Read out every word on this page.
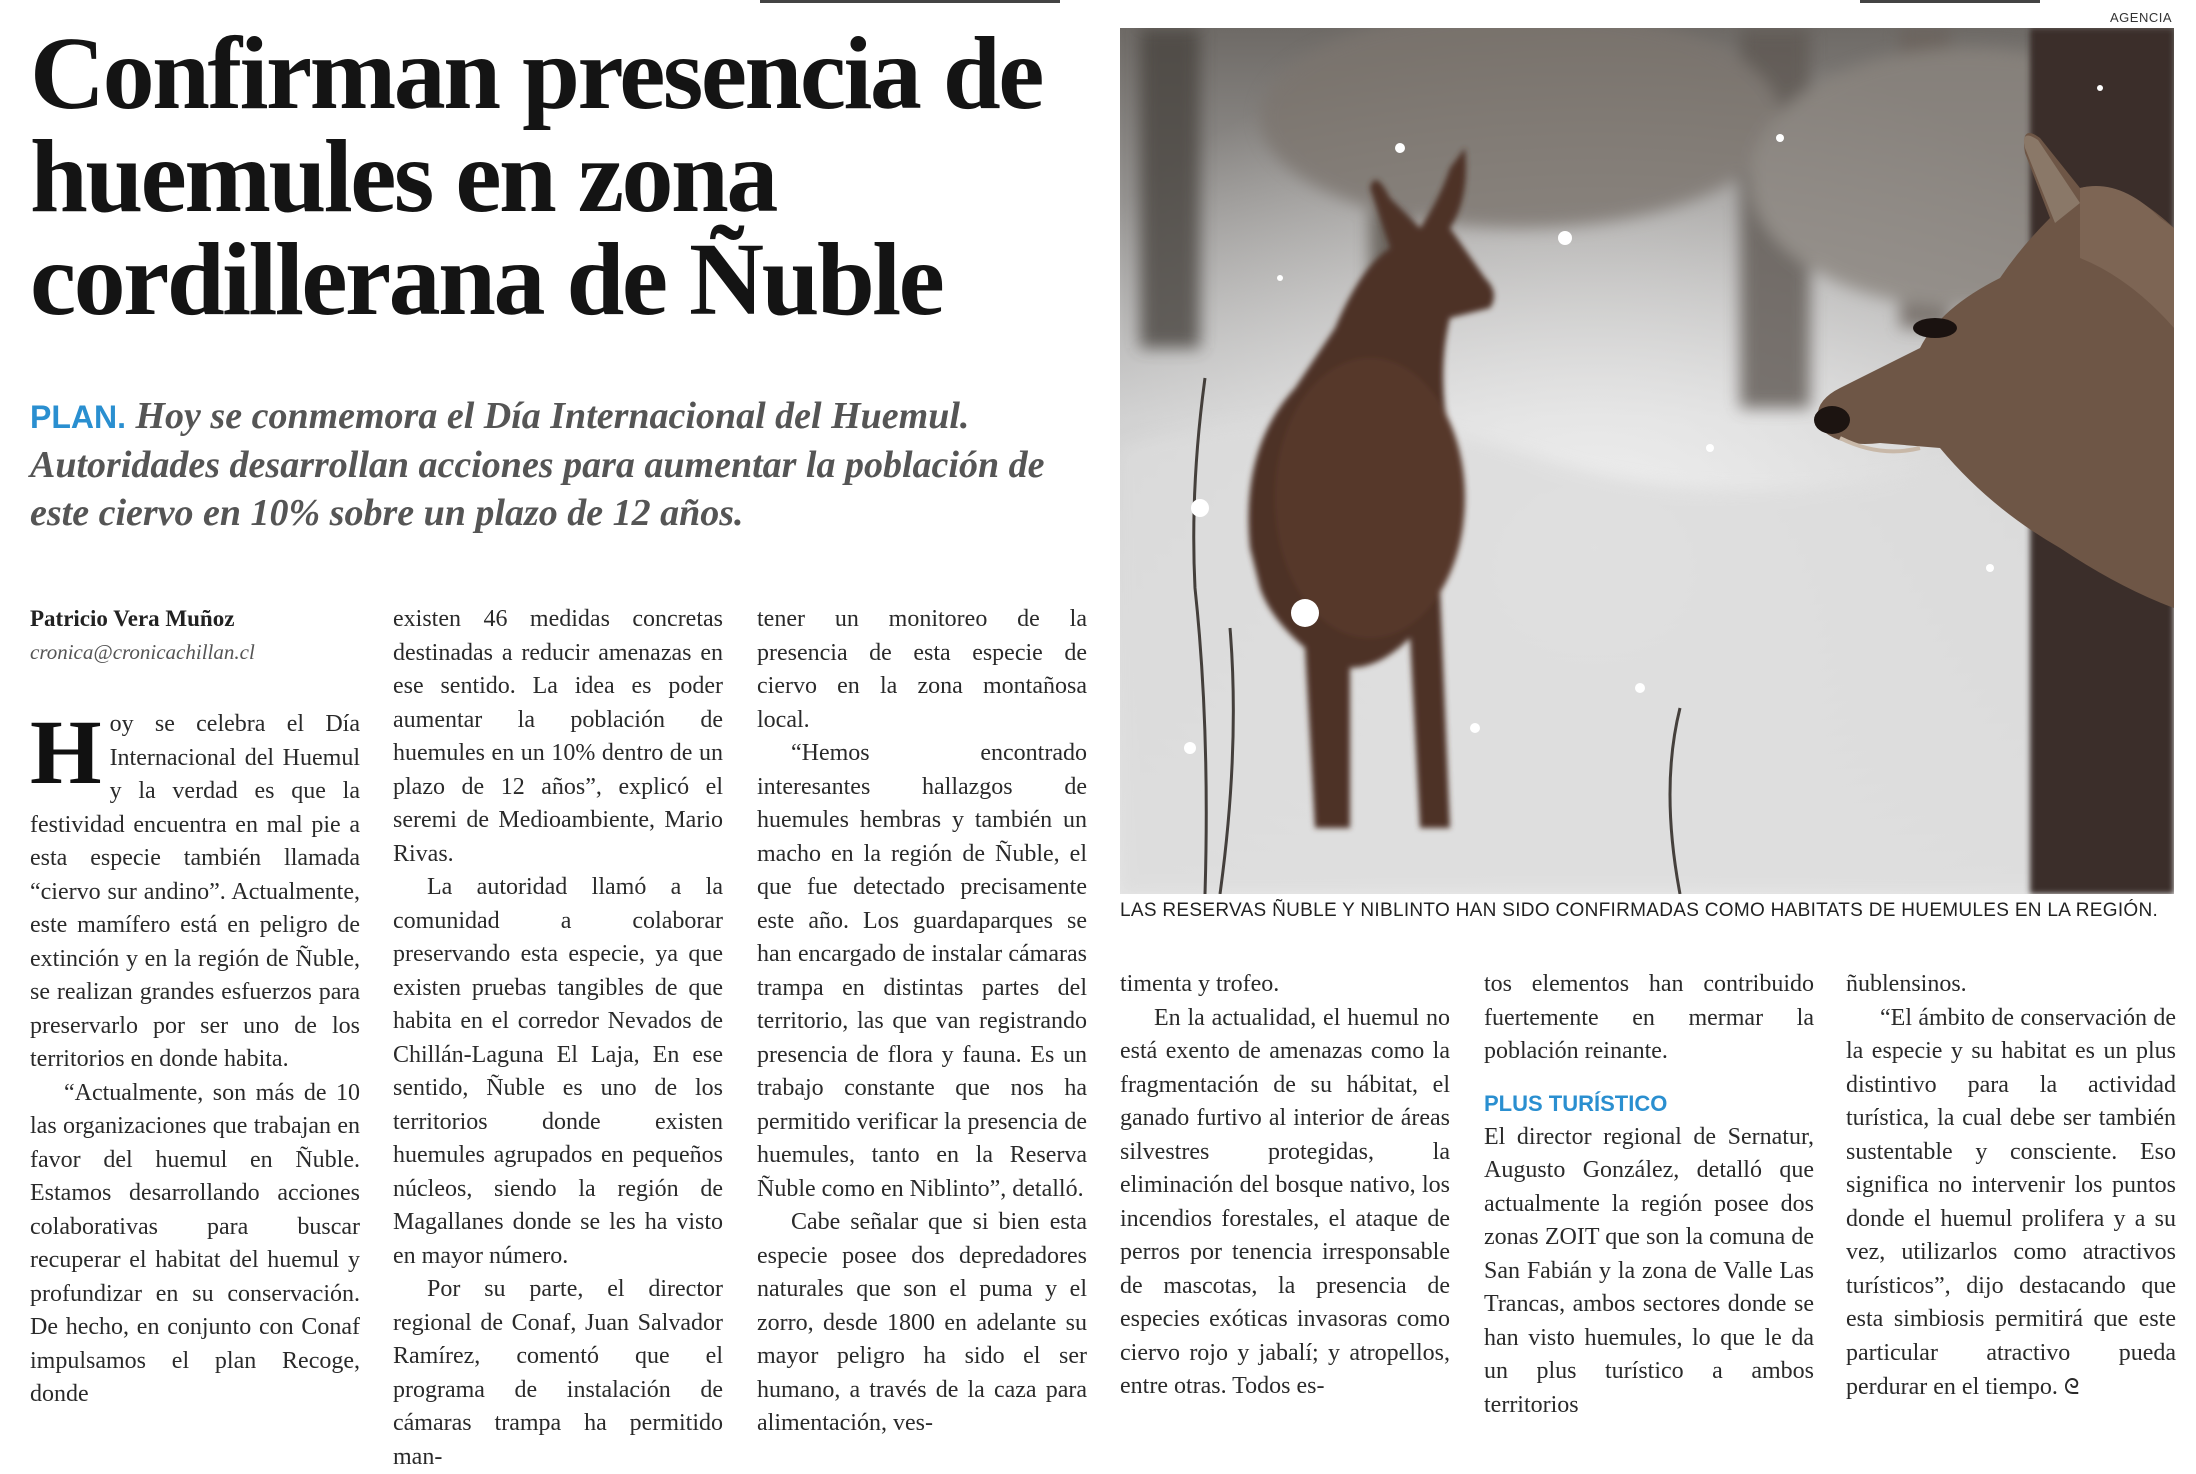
Confirman presencia de huemules en zona cordillerana de Ñuble

PLAN. Hoy se conmemora el Día Internacional del Huemul. Autoridades desarrollan acciones para aumentar la población de este ciervo en 10% sobre un plazo de 12 años.

Patricio Vera Muñoz
cronica@cronicachillan.cl

Hoy se celebra el Día Internacional del Huemul y la verdad es que la festividad encuentra en mal pie a esta especie también llamada “ciervo sur andino”. Actualmente, este mamífero está en peligro de extinción y en la región de Ñuble, se realizan grandes esfuerzos para preservarlo por ser uno de los territorios en donde habita.

“Actualmente, son más de 10 las organizaciones que trabajan en favor del huemul en Ñuble. Estamos desarrollando acciones colaborativas para buscar recuperar el habitat del huemul y profundizar en su conservación. De hecho, en conjunto con Conaf impulsamos el plan Recoge, donde

existen 46 medidas concretas destinadas a reducir amenazas en ese sentido. La idea es poder aumentar la población de huemules en un 10% dentro de un plazo de 12 años”, explicó el seremi de Medioambiente, Mario Rivas.

La autoridad llamó a la comunidad a colaborar preservando esta especie, ya que existen pruebas tangibles de que habita en el corredor Nevados de Chillán-Laguna El Laja, En ese sentido, Ñuble es uno de los territorios donde existen huemules agrupados en pequeños núcleos, siendo la región de Magallanes donde se les ha visto en mayor número.

Por su parte, el director regional de Conaf, Juan Salvador Ramírez, comentó que el programa de instalación de cámaras trampa ha permitido man-

tener un monitoreo de la presencia de esta especie de ciervo en la zona montañosa local.

“Hemos encontrado interesantes hallazgos de huemules hembras y también un macho en la región de Ñuble, el que fue detectado precisamente este año. Los guardaparques se han encargado de instalar cámaras trampa en distintas partes del territorio, las que van registrando presencia de flora y fauna. Es un trabajo constante que nos ha permitido verificar la presencia de huemules, tanto en la Reserva Ñuble como en Niblinto”, detalló.

Cabe señalar que si bien esta especie posee dos depredadores naturales que son el puma y el zorro, desde 1800 en adelante su mayor peligro ha sido el ser humano, a través de la caza para alimentación, ves-

AGENCIA
LAS RESERVAS ÑUBLE Y NIBLINTO HAN SIDO CONFIRMADAS COMO HABITATS DE HUEMULES EN LA REGIÓN.

timenta y trofeo.

En la actualidad, el huemul no está exento de amenazas como la fragmentación de su hábitat, el ganado furtivo al interior de áreas silvestres protegidas, la eliminación del bosque nativo, los incendios forestales, el ataque de perros por tenencia irresponsable de mascotas, la presencia de especies exóticas invasoras como ciervo rojo y jabalí; y atropellos, entre otras. Todos es-

tos elementos han contribuido fuertemente en mermar la población reinante.

PLUS TURÍSTICO

El director regional de Sernatur, Augusto González, detalló que actualmente la región posee dos zonas ZOIT que son la comuna de San Fabián y la zona de Valle Las Trancas, ambos sectores donde se han visto huemules, lo que le da un plus turístico a ambos territorios

ñublensinos.

“El ámbito de conservación de la especie y su habitat es un plus distintivo para la actividad turística, la cual debe ser también sustentable y consciente. Eso significa no intervenir los puntos donde el huemul prolifera y a su vez, utilizarlos como atractivos turísticos”, dijo destacando que esta simbiosis permitirá que este particular atractivo pueda perdurar en el tiempo. ᘓ
